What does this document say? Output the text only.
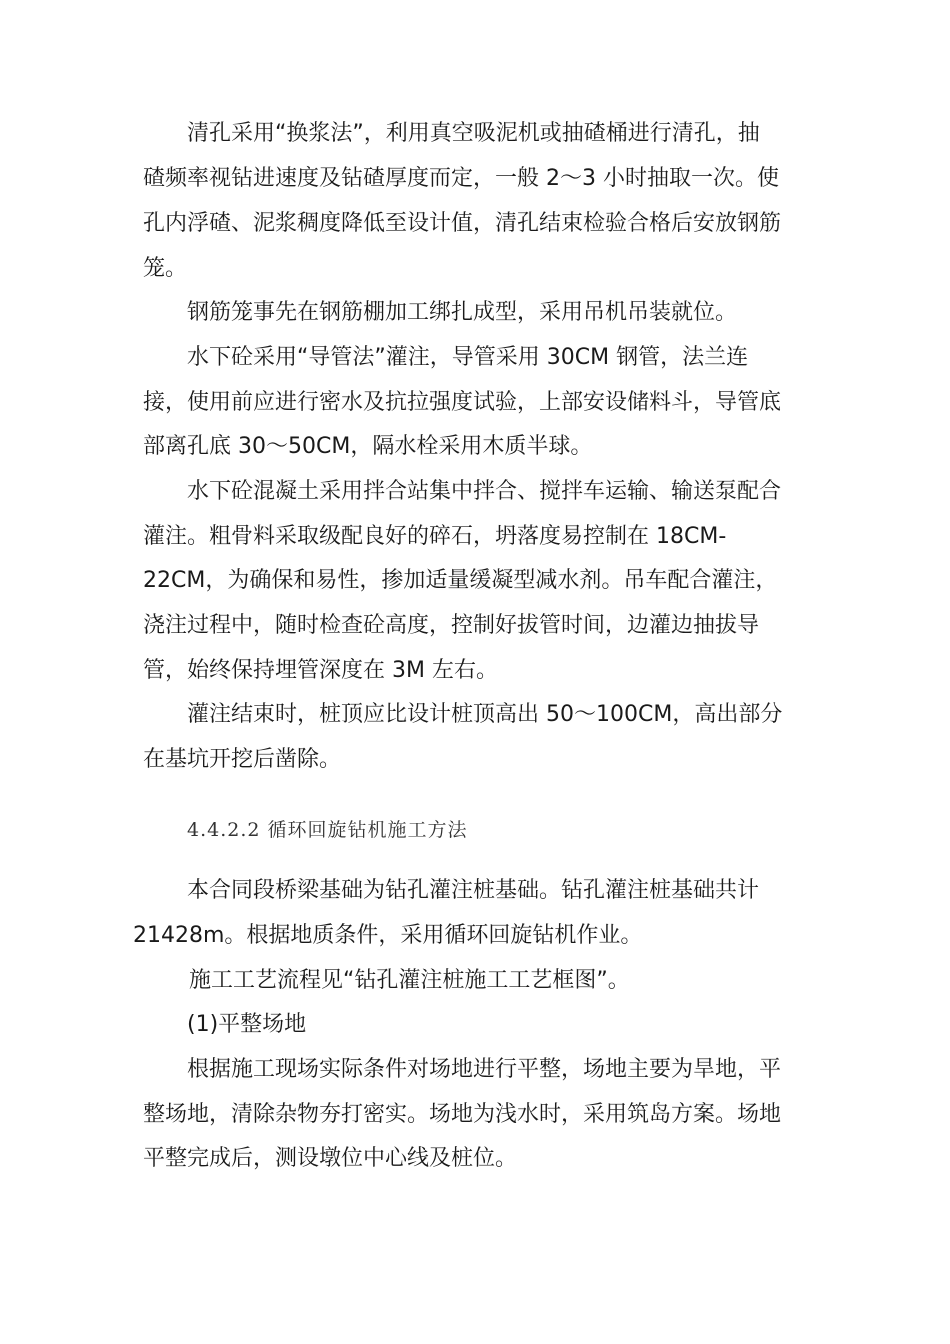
清孔采用“换浆法”，利用真空吸泥机或抽碴桶进行清孔，抽
碴频率视钻进速度及钻碴厚度而定，一般 2～3 小时抽取一次。使
孔内浮碴、泥浆稠度降低至设计值，清孔结束检验合格后安放钢筋
笼。
钢筋笼事先在钢筋棚加工绑扎成型，采用吊机吊装就位。
水下砼采用“导管法”灌注，导管采用 30CM 钢管，法兰连
接，使用前应进行密水及抗拉强度试验，上部安设储料斗，导管底
部离孔底 30～50CM，隔水栓采用木质半球。
水下砼混凝土采用拌合站集中拌合、搅拌车运输、输送泵配合
灌注。粗骨料采取级配良好的碎石，坍落度易控制在 18CM-
22CM，为确保和易性，掺加适量缓凝型减水剂。吊车配合灌注，
浇注过程中，随时检查砼高度，控制好拔管时间，边灌边抽拔导
管，始终保持埋管深度在 3M 左右。
灌注结束时，桩顶应比设计桩顶高出 50～100CM，高出部分
在基坑开挖后凿除。
4.4.2.2 循环回旋钻机施工方法
本合同段桥梁基础为钻孔灌注桩基础。钻孔灌注桩基础共计
21428m。根据地质条件，采用循环回旋钻机作业。
施工工艺流程见“钻孔灌注桩施工工艺框图”。
(1)平整场地
根据施工现场实际条件对场地进行平整，场地主要为旱地，平
整场地，清除杂物夯打密实。场地为浅水时，采用筑岛方案。场地
平整完成后，测设墩位中心线及桩位。
